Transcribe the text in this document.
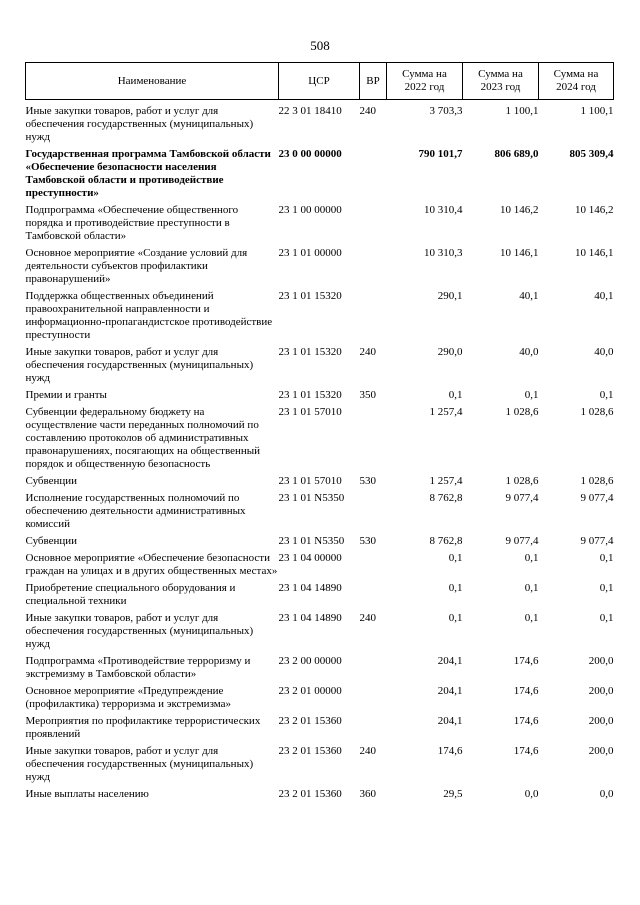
508
Наименование	ЦСР	ВР	Сумма на 2022 год	Сумма на 2023 год	Сумма на 2024 год
Иные закупки товаров, работ и услуг для обеспечения государственных (муниципальных) нужд	22 3 01 18410	240	3 703,3	1 100,1	1 100,1
Государственная программа Тамбовской области «Обеспечение безопасности населения Тамбовской области и противодействие преступности»	23 0 00 00000		790 101,7	806 689,0	805 309,4
Подпрограмма «Обеспечение общественного порядка и противодействие преступности в Тамбовской области»	23 1 00 00000		10 310,4	10 146,2	10 146,2
Основное мероприятие «Создание условий для деятельности субъектов профилактики правонарушений»	23 1 01 00000		10 310,3	10 146,1	10 146,1
Поддержка общественных объединений правоохранительной направленности и информационно-пропагандистское противодействие преступности	23 1 01 15320		290,1	40,1	40,1
Иные закупки товаров, работ и услуг для обеспечения государственных (муниципальных) нужд	23 1 01 15320	240	290,0	40,0	40,0
Премии и гранты	23 1 01 15320	350	0,1	0,1	0,1
Субвенции федеральному бюджету на осуществление части переданных полномочий по составлению протоколов об административных правонарушениях, посягающих на общественный порядок и общественную безопасность	23 1 01 57010		1 257,4	1 028,6	1 028,6
Субвенции	23 1 01 57010	530	1 257,4	1 028,6	1 028,6
Исполнение государственных полномочий по обеспечению деятельности административных комиссий	23 1 01 N5350		8 762,8	9 077,4	9 077,4
Субвенции	23 1 01 N5350	530	8 762,8	9 077,4	9 077,4
Основное мероприятие «Обеспечение безопасности граждан на улицах и в других общественных местах»	23 1 04 00000		0,1	0,1	0,1
Приобретение специального оборудования и специальной техники	23 1 04 14890		0,1	0,1	0,1
Иные закупки товаров, работ и услуг для обеспечения государственных (муниципальных) нужд	23 1 04 14890	240	0,1	0,1	0,1
Подпрограмма «Противодействие терроризму и экстремизму в Тамбовской области»	23 2 00 00000		204,1	174,6	200,0
Основное мероприятие «Предупреждение (профилактика) терроризма и экстремизма»	23 2 01 00000		204,1	174,6	200,0
Мероприятия по профилактике террористических проявлений	23 2 01 15360		204,1	174,6	200,0
Иные закупки товаров, работ и услуг для обеспечения государственных (муниципальных) нужд	23 2 01 15360	240	174,6	174,6	200,0
Иные выплаты населению	23 2 01 15360	360	29,5	0,0	0,0
